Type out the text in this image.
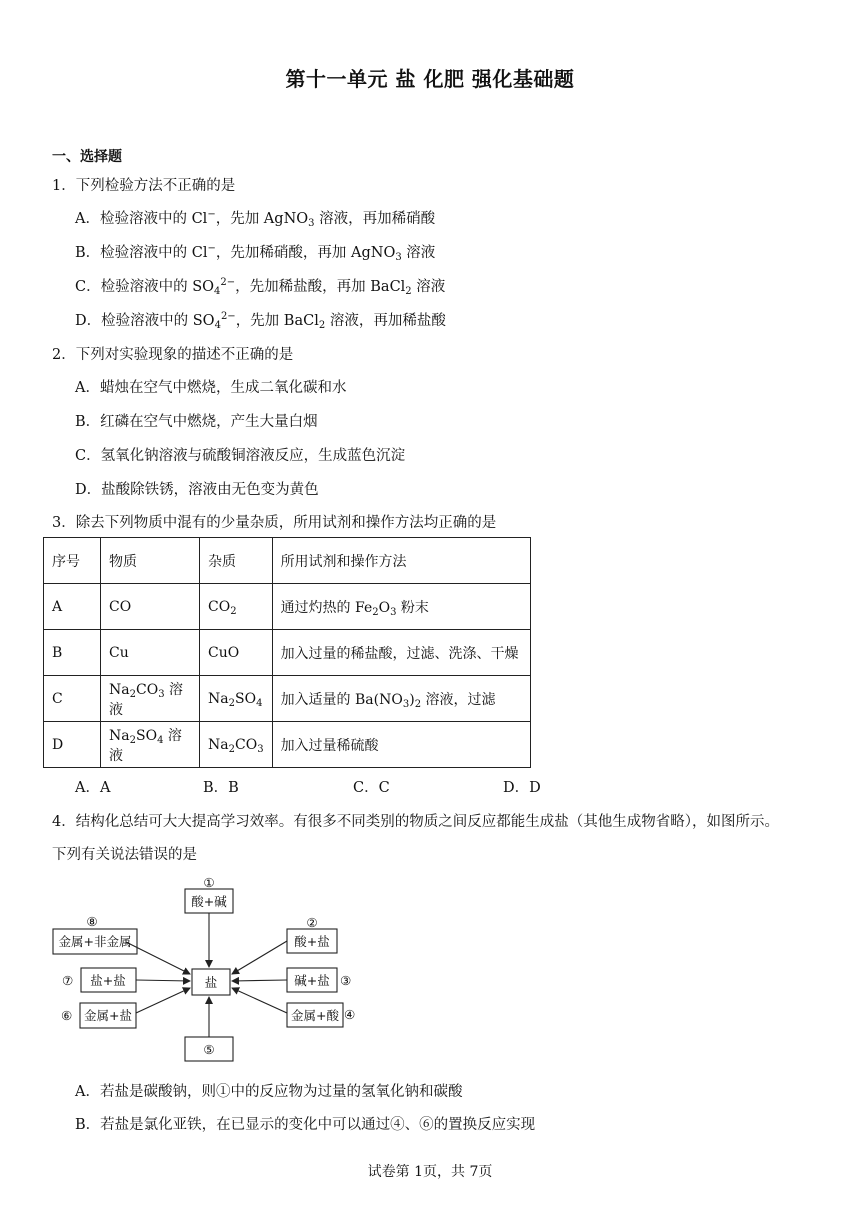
第十一单元 盐 化肥 强化基础题
一、选择题
1．下列检验方法不正确的是
A．检验溶液中的 Cl−，先加 AgNO$_3$ 溶液，再加稀硝酸
B．检验溶液中的 Cl−，先加稀硝酸，再加 AgNO$_3$ 溶液
C．检验溶液中的 $SO_4^{2-}$，先加稀盐酸，再加 BaCl$_2$ 溶液
D．检验溶液中的 $SO_4^{2-}$，先加 BaCl$_2$ 溶液，再加稀盐酸
2．下列对实验现象的描述不正确的是
A．蜡烛在空气中燃烧，生成二氧化碳和水
B．红磷在空气中燃烧，产生大量白烟
C．氢氧化钠溶液与硫酸铜溶液反应，生成蓝色沉淀
D．盐酸除铁锈，溶液由无色变为黄色
3．除去下列物质中混有的少量杂质，所用试剂和操作方法均正确的是
序号	物质	杂质	所用试剂和操作方法
A	CO	$CO_2$	通过灼热的 $Fe_2O_3$ 粉末
B	Cu	CuO	加入过量的稀盐酸，过滤、洗涤、干燥
C	$Na_2CO_3$ 溶液	$Na_2SO_4$	加入适量的 $Ba(NO_3)_2$ 溶液，过滤
D	$Na_2SO_4$ 溶液	$Na_2CO_3$	加入过量稀硫酸
A．A	B．B	C．C	D．D
4．结构化总结可大大提高学习效率。有很多不同类别的物质之间反应都能生成盐（其他生成物省略），如图所示。
下列有关说法错误的是
盐
①
酸+碱
②
酸+盐
碱+盐 ③
金属+酸 ④
⑤
⑥ 金属+盐
⑦ 盐+盐
⑧
金属+非金属
A．若盐是碳酸钠，则①中的反应物为过量的氢氧化钠和碳酸
B．若盐是氯化亚铁，在已显示的变化中可以通过④、⑥的置换反应实现
试卷第 1页，共 7页
